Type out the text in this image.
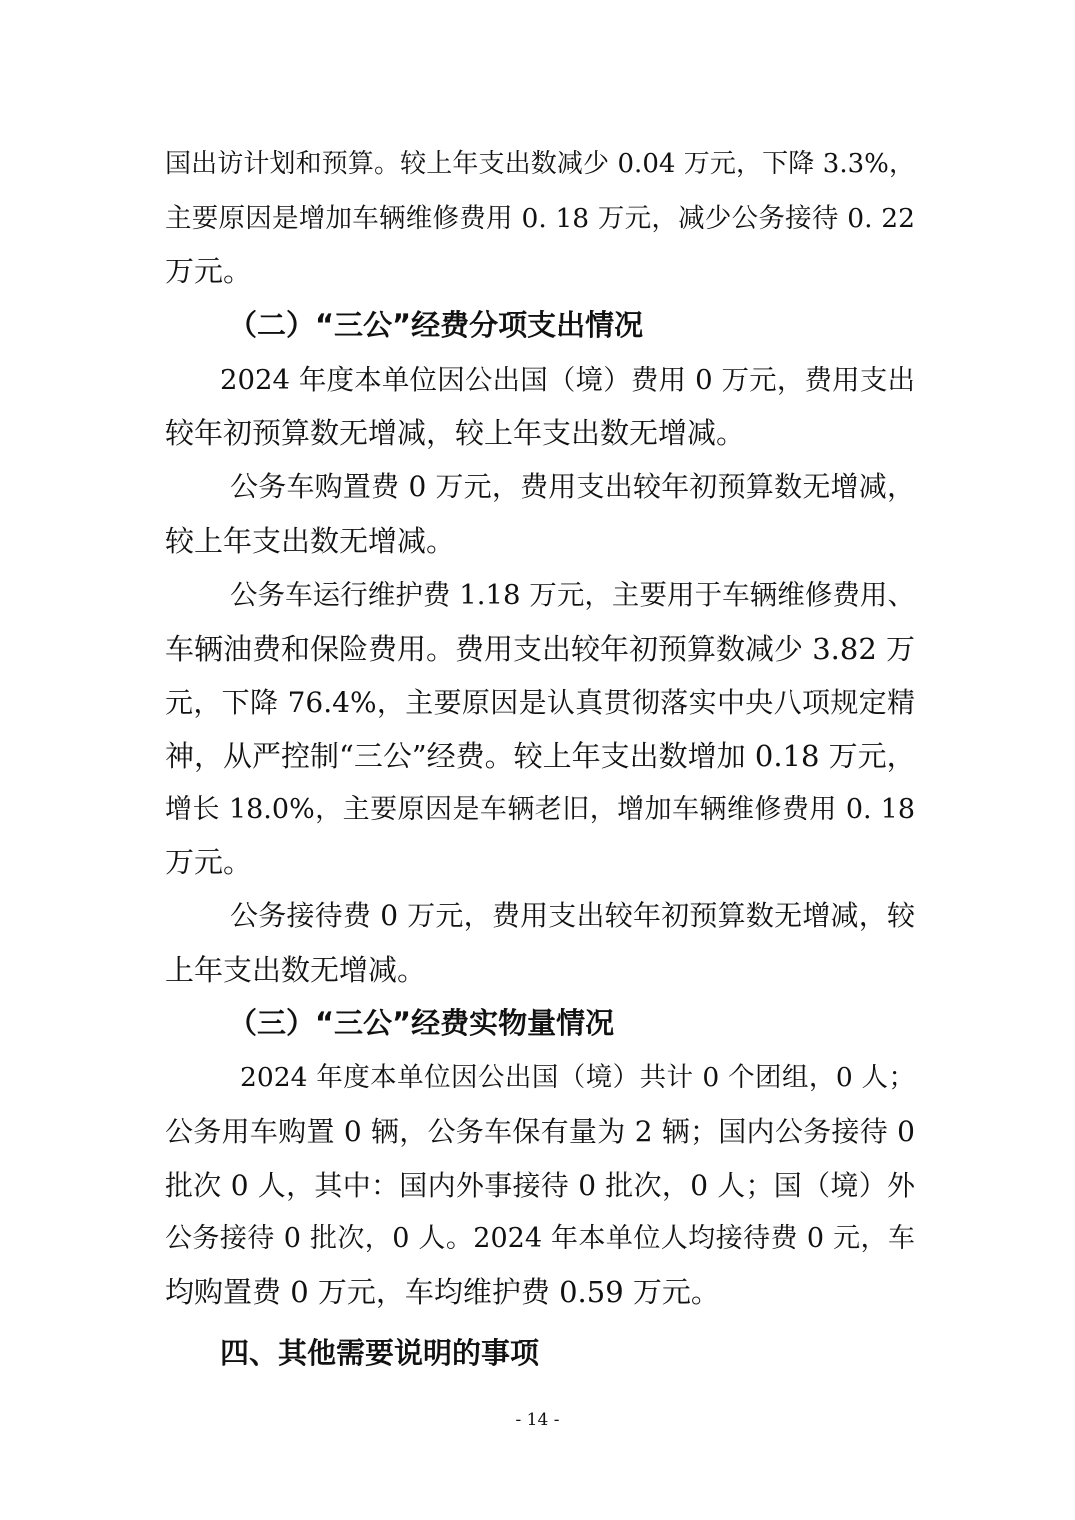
国出访计划和预算。较上年支出数减少 0.04 万元，下降 3.3%，
主要原因是增加车辆维修费用 0. 18 万元，减少公务接待 0. 22
万元。
（二）“三公”经费分项支出情况
2024 年度本单位因公出国（境）费用 0 万元，费用支出
较年初预算数无增减，较上年支出数无增减。
公务车购置费 0 万元，费用支出较年初预算数无增减，
较上年支出数无增减。
公务车运行维护费 1.18 万元，主要用于车辆维修费用、
车辆油费和保险费用。费用支出较年初预算数减少 3.82 万
元，下降 76.4%，主要原因是认真贯彻落实中央八项规定精
神，从严控制“三公”经费。较上年支出数增加 0.18 万元，
增长 18.0%，主要原因是车辆老旧，增加车辆维修费用 0. 18
万元。
公务接待费 0 万元，费用支出较年初预算数无增减，较
上年支出数无增减。
（三）“三公”经费实物量情况
2024 年度本单位因公出国（境）共计 0 个团组，0 人；
公务用车购置 0 辆，公务车保有量为 2 辆；国内公务接待 0
批次 0 人，其中：国内外事接待 0 批次，0 人；国（境）外
公务接待 0 批次，0 人。2024 年本单位人均接待费 0 元，车
均购置费 0 万元，车均维护费 0.59 万元。
四、其他需要说明的事项
- 14 -
